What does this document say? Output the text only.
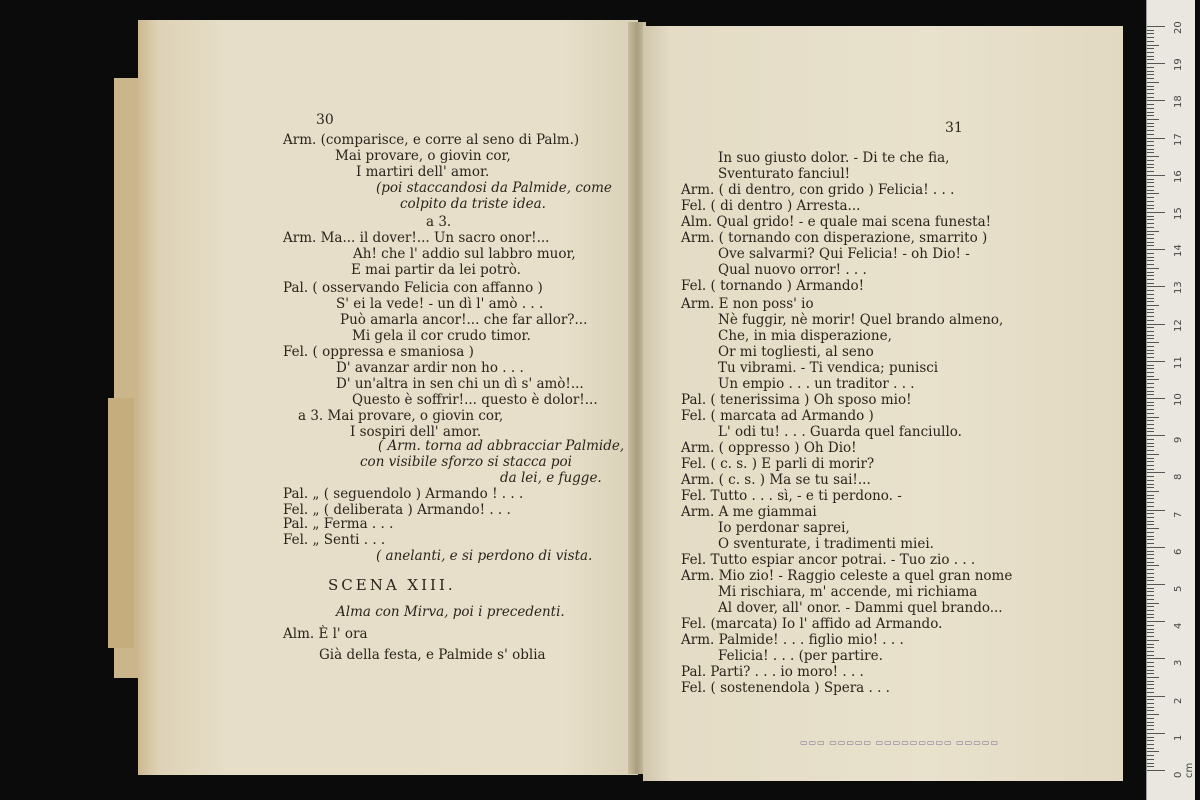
30
Arm. (comparisce, e corre al seno di Palm.)
Mai provare, o giovin cor,
I martiri dell' amor.
(poi staccandosi da Palmide, come
colpito da triste idea.
a 3.
Arm. Ma... il dover!... Un sacro onor!...
Ah! che l' addio sul labbro muor,
E mai partir da lei potrò.
Pal. ( osservando Felicia con affanno )
S' ei la vede! - un dì l' amò . . .
Può amarla ancor!... che far allor?...
Mi gela il cor crudo timor.
Fel. ( oppressa e smaniosa )
D' avanzar ardir non ho . . .
D' un'altra in sen chi un dì s' amò!...
Questo è soffrir!... questo è dolor!...
a 3. Mai provare, o giovin cor,
I sospiri dell' amor.
( Arm. torna ad abbracciar Palmide,
con visibile sforzo si stacca poi
da lei, e fugge.
Pal. „ ( seguendolo ) Armando ! . . .
Fel. „ ( deliberata ) Armando! . . .
Pal. „ Ferma . . .
Fel. „ Senti . . .
( anelanti, e si perdono di vista.
SCENA XIII.
Alma con Mirva, poi i precedenti.
Alm. È l' ora
Già della festa, e Palmide s' oblia
31
In suo giusto dolor. - Di te che fia,
Sventurato fanciul!
Arm. ( di dentro, con grido ) Felicia! . . .
Fel. ( di dentro ) Arresta...
Alm. Qual grido! - e quale mai scena funesta!
Arm. ( tornando con disperazione, smarrito )
Ove salvarmi? Qui Felicia! - oh Dio! -
Qual nuovo orror! . . .
Fel. ( tornando ) Armando!
Arm. E non poss' io
Nè fuggir, nè morir! Quel brando almeno,
Che, in mia disperazione,
Or mi togliesti, al seno
Tu vibrami. - Ti vendica; punisci
Un empio . . . un traditor . . .
Pal. ( tenerissima ) Oh sposo mio!
Fel. ( marcata ad Armando )
L' odi tu! . . . Guarda quel fanciullo.
Arm. ( oppresso ) Oh Dio!
Fel. ( c. s. ) E parli di morir?
Arm. ( c. s. ) Ma se tu sai!...
Fel. Tutto . . . sì, - e ti perdono. -
Arm. A me giammai
Io perdonar saprei,
O sventurate, i tradimenti miei.
Fel. Tutto espiar ancor potrai. - Tuo zio . . .
Arm. Mio zio! - Raggio celeste a quel gran nome
Mi rischiara, m' accende, mi richiama
Al dover, all' onor. - Dammi quel brando...
Fel. (marcata) Io l' affido ad Armando.
Arm. Palmide! . . . figlio mio! . . .
Felicia! . . . (per partire.
Pal. Parti? . . . io moro! . . .
Fel. ( sostenendola ) Spera . . .
▭▭▭ ▭▭▭▭▭ ▭▭▭▭▭▭▭▭▭ ▭▭▭▭▭
0 cm
1
2
3
4
5
6
7
8
9
10
11
12
13
14
15
16
17
18
19
20
